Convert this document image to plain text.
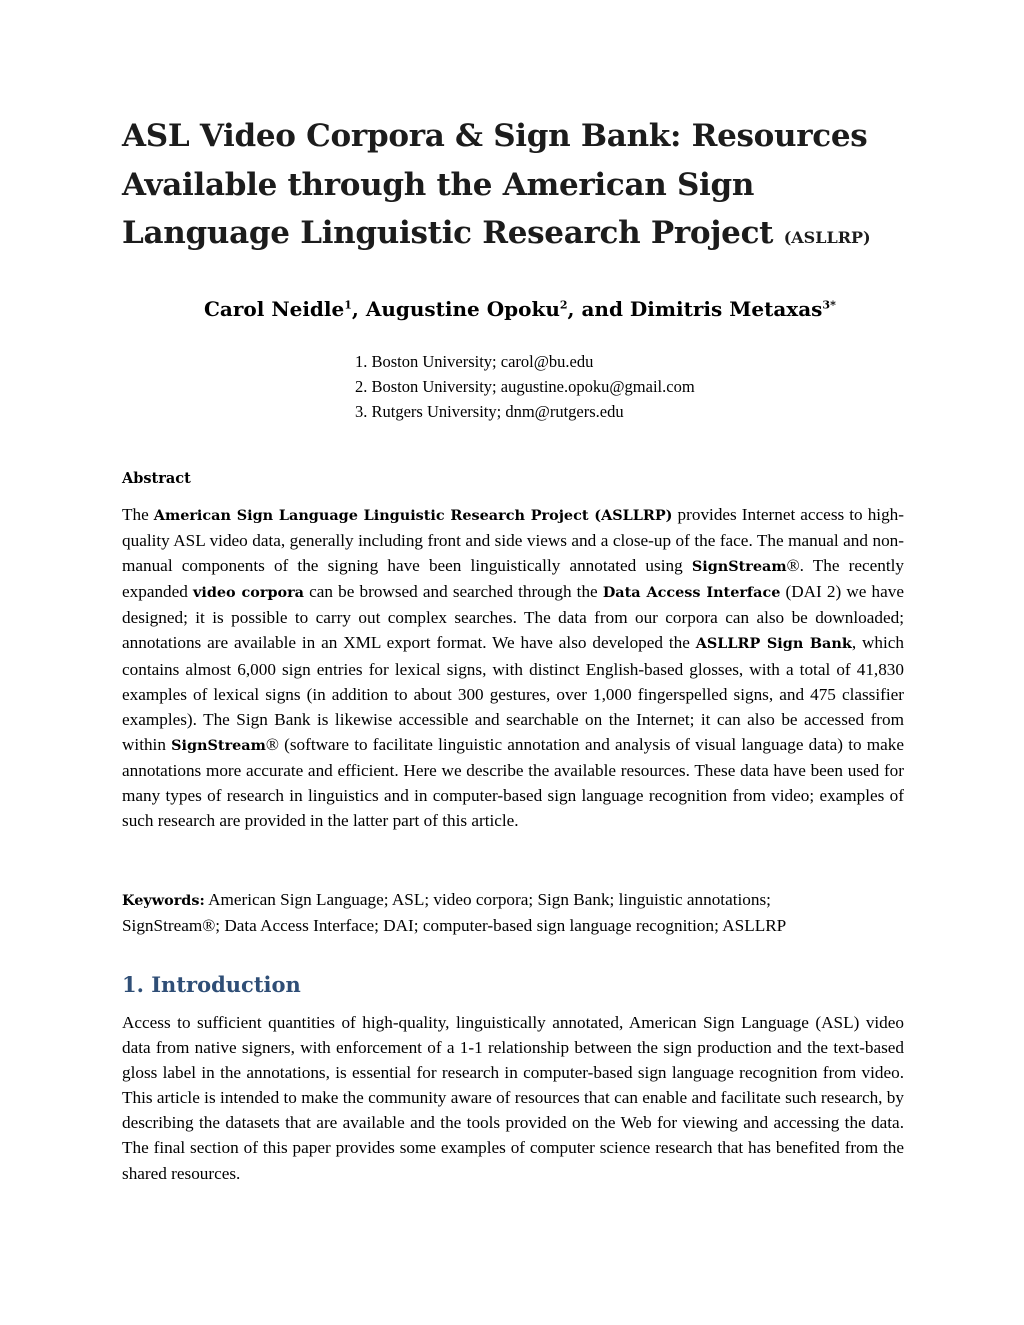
ASL Video Corpora & Sign Bank: Resources Available through the American Sign Language Linguistic Research Project (ASLLRP)
Carol Neidle$^1$, Augustine Opoku$^2$, and Dimitris Metaxas$^{3*}$
1. Boston University; carol@bu.edu
2. Boston University; augustine.opoku@gmail.com
3. Rutgers University; dnm@rutgers.edu
Abstract
The American Sign Language Linguistic Research Project (ASLLRP) provides Internet access to high-quality ASL video data, generally including front and side views and a close-up of the face. The manual and non-manual components of the signing have been linguistically annotated using SignStream®. The recently expanded video corpora can be browsed and searched through the Data Access Interface (DAI 2) we have designed; it is possible to carry out complex searches. The data from our corpora can also be downloaded; annotations are available in an XML export format. We have also developed the ASLLRP Sign Bank, which contains almost 6,000 sign entries for lexical signs, with distinct English-based glosses, with a total of 41,830 examples of lexical signs (in addition to about 300 gestures, over 1,000 fingerspelled signs, and 475 classifier examples). The Sign Bank is likewise accessible and searchable on the Internet; it can also be accessed from within SignStream® (software to facilitate linguistic annotation and analysis of visual language data) to make annotations more accurate and efficient. Here we describe the available resources. These data have been used for many types of research in linguistics and in computer-based sign language recognition from video; examples of such research are provided in the latter part of this article.
Keywords: American Sign Language; ASL; video corpora; Sign Bank; linguistic annotations;
SignStream®; Data Access Interface; DAI; computer-based sign language recognition; ASLLRP
1. Introduction
Access to sufficient quantities of high-quality, linguistically annotated, American Sign Language (ASL) video data from native signers, with enforcement of a 1-1 relationship between the sign production and the text-based gloss label in the annotations, is essential for research in computer-based sign language recognition from video. This article is intended to make the community aware of resources that can enable and facilitate such research, by describing the datasets that are available and the tools provided on the Web for viewing and accessing the data. The final section of this paper provides some examples of computer science research that has benefited from the shared resources.
